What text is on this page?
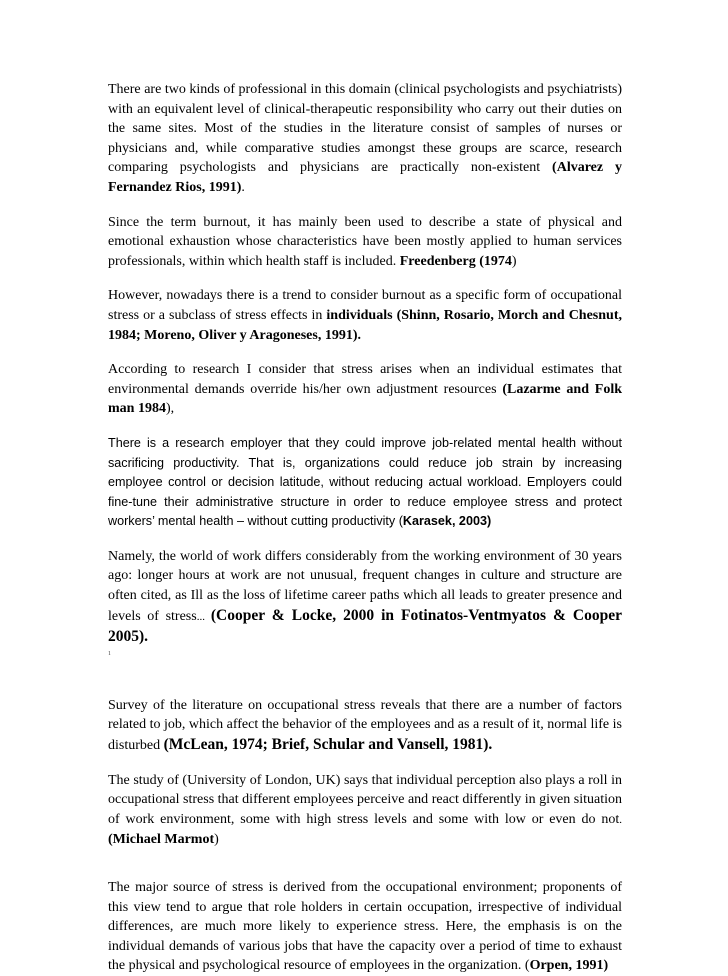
There are two kinds of professional in this domain (clinical psychologists and psychiatrists) with an equivalent level of clinical-therapeutic responsibility who carry out their duties on the same sites. Most of the studies in the literature consist of samples of nurses or physicians and, while comparative studies amongst these groups are scarce, research comparing psychologists and physicians are practically non-existent (Alvarez y Fernandez Rios, 1991).

Since the term burnout, it has mainly been used to describe a state of physical and emotional exhaustion whose characteristics have been mostly applied to human services professionals, within which health staff is included. Freedenberg (1974)

However, nowadays there is a trend to consider burnout as a specific form of occupational stress or a subclass of stress effects in individuals (Shinn, Rosario, Morch and Chesnut, 1984; Moreno, Oliver y Aragoneses, 1991).

According to research I consider that stress arises when an individual estimates that environmental demands override his/her own adjustment resources (Lazarme and Folk man 1984),

There is a research employer that they could improve job-related mental health without sacrificing productivity. That is, organizations could reduce job strain by increasing employee control or decision latitude, without reducing actual workload. Employers could fine-tune their administrative structure in order to reduce employee stress and protect workers’ mental health – without cutting productivity (Karasek, 2003)

Namely, the world of work differs considerably from the working environment of 30 years ago: longer hours at work are not unusual, frequent changes in culture and structure are often cited, as Ill as the loss of lifetime career paths which all leads to greater presence and levels of stress... (Cooper & Locke, 2000 in Fotinatos-Ventmyatos & Cooper 2005).
1

Survey of the literature on occupational stress reveals that there are a number of factors related to job, which affect the behavior of the employees and as a result of it, normal life is disturbed (McLean, 1974; Brief, Schular and Vansell, 1981).

The study of (University of London, UK) says that individual perception also plays a roll in occupational stress that different employees perceive and react differently in given situation of work environment, some with high stress levels and some with low or even do not. (Michael Marmot)

The major source of stress is derived from the occupational environment; proponents of this view tend to argue that role holders in certain occupation, irrespective of individual differences, are much more likely to experience stress. Here, the emphasis is on the individual demands of various jobs that have the capacity over a period of time to exhaust the physical and psychological resource of employees in the organization. (Orpen, 1991)
